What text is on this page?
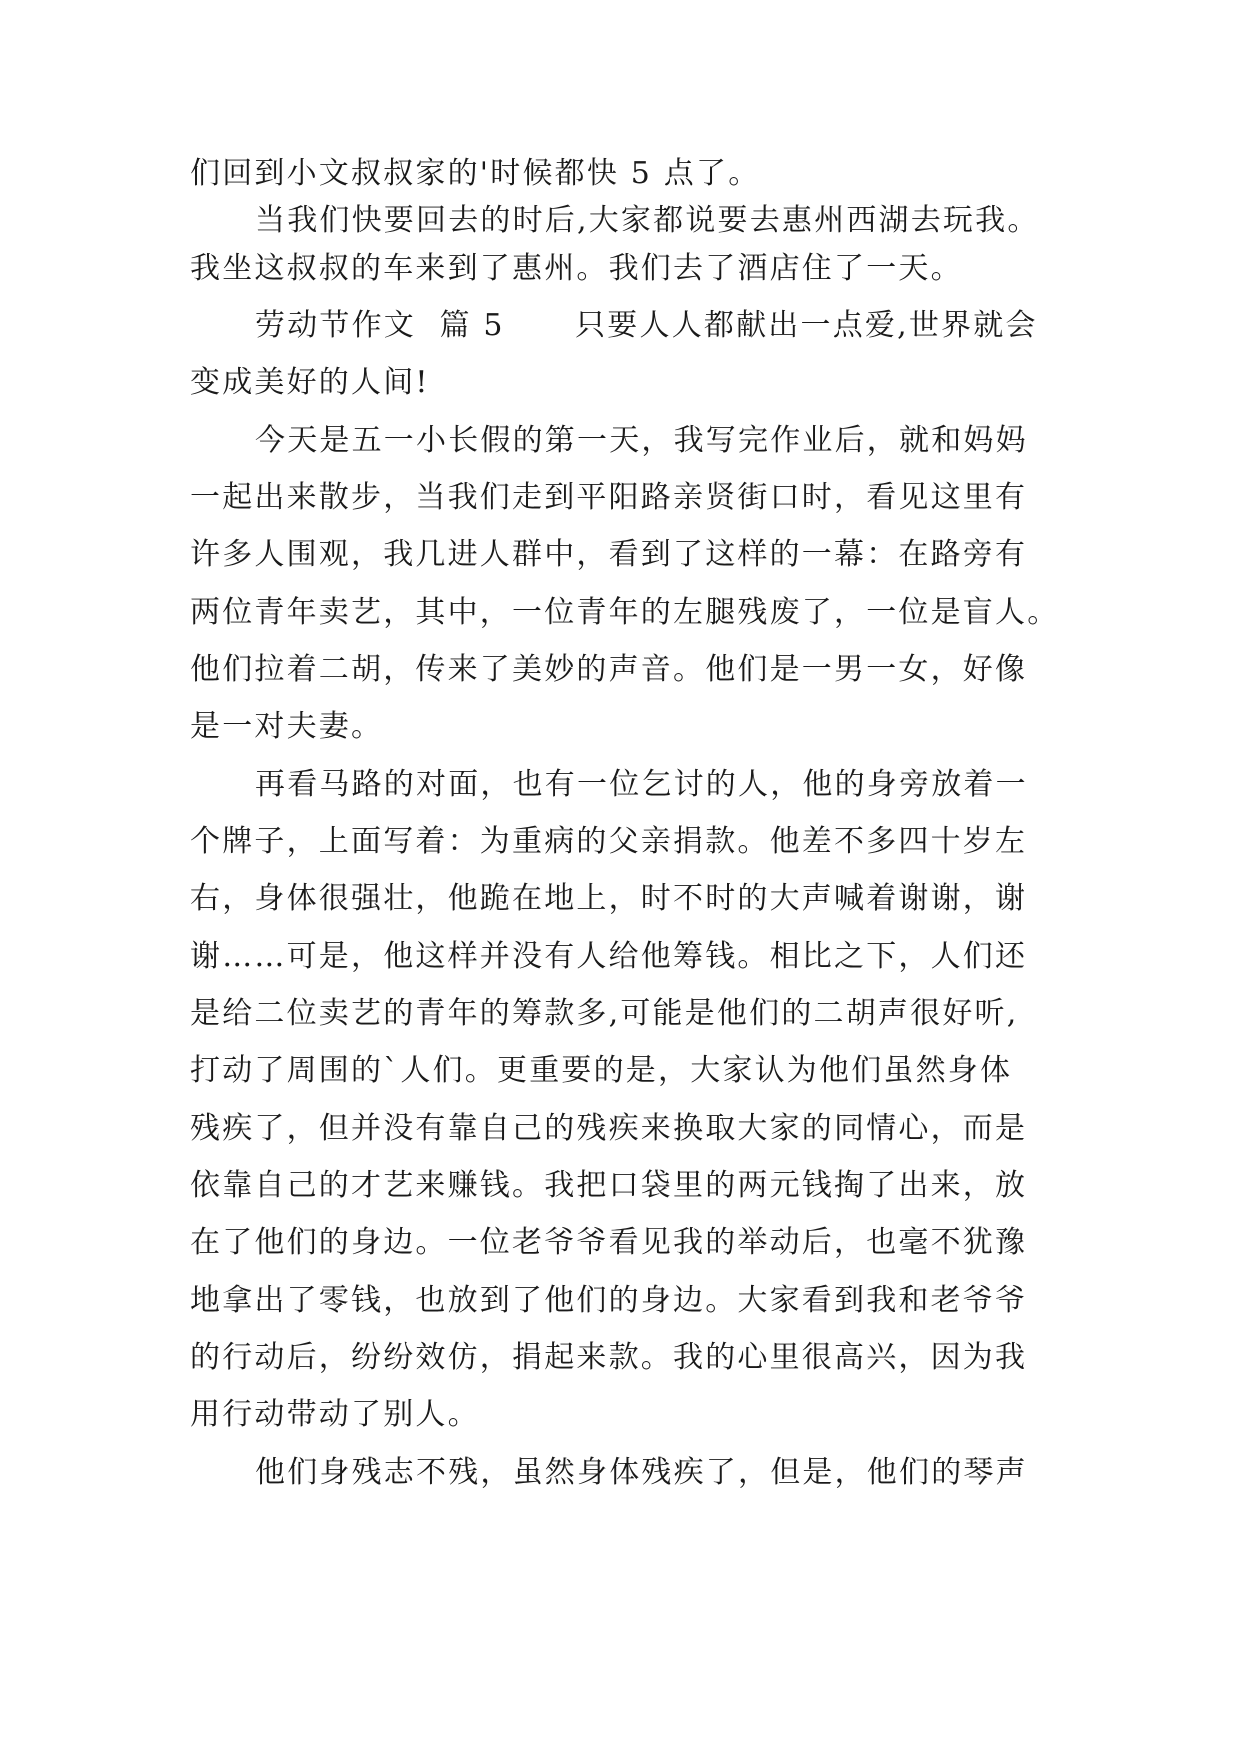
们回到小文叔叔家的'时候都快 5 点了。
当我们快要回去的时后,大家都说要去惠州西湖去玩我。
我坐这叔叔的车来到了惠州。我们去了酒店住了一天。
劳动节作文  篇 5      只要人人都献出一点爱,世界就会
变成美好的人间!
今天是五一小长假的第一天，我写完作业后，就和妈妈
一起出来散步，当我们走到平阳路亲贤街口时，看见这里有
许多人围观，我几进人群中，看到了这样的一幕：在路旁有
两位青年卖艺，其中，一位青年的左腿残废了，一位是盲人。
他们拉着二胡，传来了美妙的声音。他们是一男一女，好像
是一对夫妻。
再看马路的对面，也有一位乞讨的人，他的身旁放着一
个牌子，上面写着：为重病的父亲捐款。他差不多四十岁左
右，身体很强壮，他跪在地上，时不时的大声喊着谢谢，谢
谢……可是，他这样并没有人给他筹钱。相比之下，人们还
是给二位卖艺的青年的筹款多,可能是他们的二胡声很好听,
打动了周围的`人们。更重要的是，大家认为他们虽然身体
残疾了，但并没有靠自己的残疾来换取大家的同情心，而是
依靠自己的才艺来赚钱。我把口袋里的两元钱掏了出来，放
在了他们的身边。一位老爷爷看见我的举动后，也毫不犹豫
地拿出了零钱，也放到了他们的身边。大家看到我和老爷爷
的行动后，纷纷效仿，捐起来款。我的心里很高兴，因为我
用行动带动了别人。
他们身残志不残，虽然身体残疾了，但是，他们的琴声
